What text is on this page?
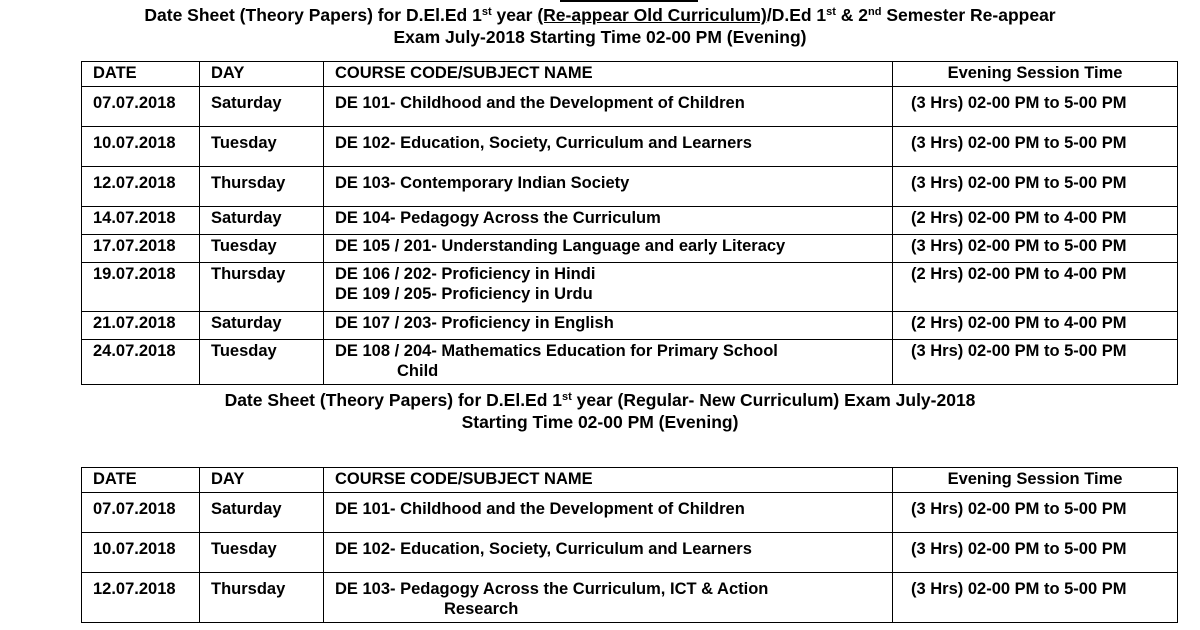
Date Sheet (Theory Papers) for D.El.Ed 1st year (Re-appear Old Curriculum)/D.Ed 1st & 2nd Semester Re-appear
Exam July-2018 Starting Time 02-00 PM (Evening)
DATE	DAY	COURSE CODE/SUBJECT NAME	Evening Session Time
07.07.2018	Saturday	DE 101- Childhood and the Development of Children	(3 Hrs) 02-00 PM to 5-00 PM
10.07.2018	Tuesday	DE 102- Education, Society, Curriculum and Learners	(3 Hrs) 02-00 PM to 5-00 PM
12.07.2018	Thursday	DE 103- Contemporary Indian Society	(3 Hrs) 02-00 PM to 5-00 PM
14.07.2018	Saturday	DE 104- Pedagogy Across the Curriculum	(2 Hrs) 02-00 PM to 4-00 PM
17.07.2018	Tuesday	DE 105 / 201- Understanding Language and early Literacy	(3 Hrs) 02-00 PM to 5-00 PM
19.07.2018	Thursday	DE 106 / 202- Proficiency in Hindi
DE 109 / 205- Proficiency in Urdu	(2 Hrs) 02-00 PM to 4-00 PM
21.07.2018	Saturday	DE 107 / 203- Proficiency in English	(2 Hrs) 02-00 PM to 4-00 PM
24.07.2018	Tuesday	DE 108 / 204- Mathematics Education for Primary School
Child	(3 Hrs) 02-00 PM to 5-00 PM
Date Sheet (Theory Papers) for D.El.Ed 1st year (Regular- New Curriculum) Exam July-2018
Starting Time 02-00 PM (Evening)
DATE	DAY	COURSE CODE/SUBJECT NAME	Evening Session Time
07.07.2018	Saturday	DE 101- Childhood and the Development of Children	(3 Hrs) 02-00 PM to 5-00 PM
10.07.2018	Tuesday	DE 102- Education, Society, Curriculum and Learners	(3 Hrs) 02-00 PM to 5-00 PM
12.07.2018	Thursday	DE 103- Pedagogy Across the Curriculum, ICT & Action
Research	(3 Hrs) 02-00 PM to 5-00 PM
